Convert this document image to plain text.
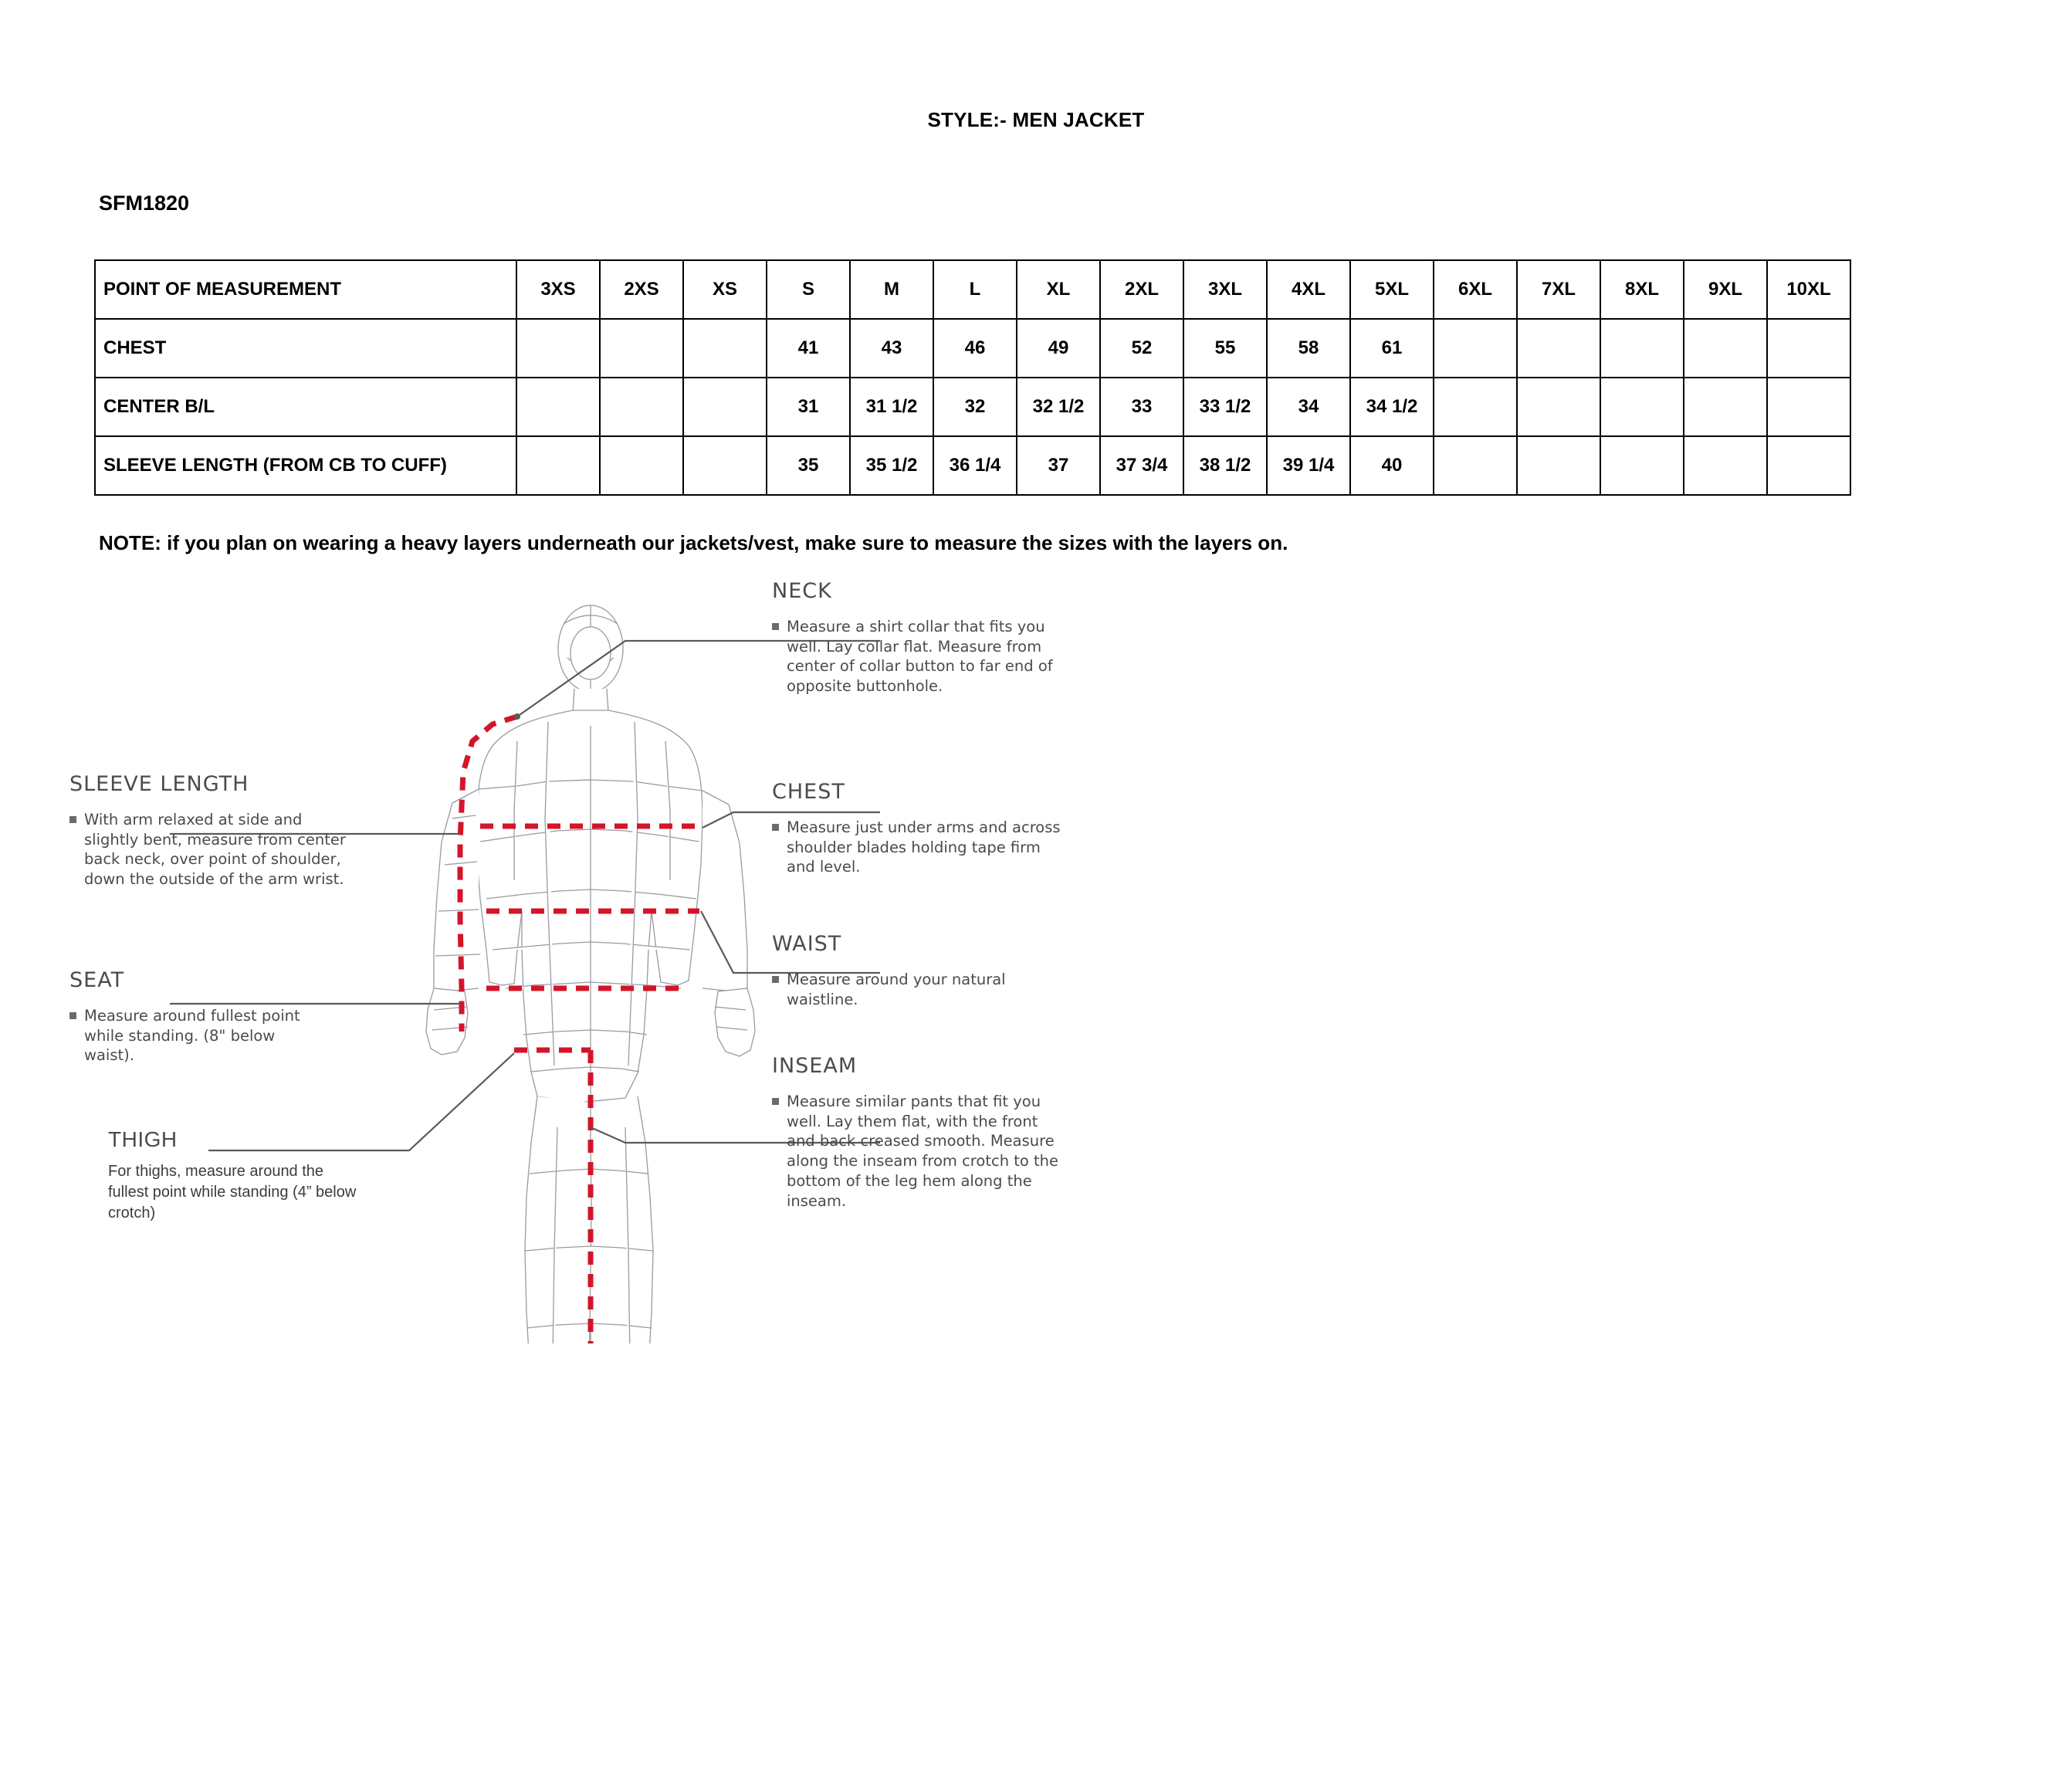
STYLE:- MEN JACKET
SFM1820
POINT OF MEASUREMENT	3XS	2XS	XS	S	M	L	XL	2XL	3XL	4XL	5XL	6XL	7XL	8XL	9XL	10XL
CHEST				41	43	46	49	52	55	58	61					
CENTER B/L				31	31 1/2	32	32 1/2	33	33 1/2	34	34 1/2					
SLEEVE LENGTH (FROM CB TO CUFF)				35	35 1/2	36 1/4	37	37 3/4	38 1/2	39 1/4	40					
NOTE: if you plan on wearing a heavy layers underneath our jackets/vest, make sure to measure the sizes with the layers on.
NECK
Measure a shirt collar that fits you well. Lay collar flat. Measure from center of collar button to far end of opposite buttonhole.
CHEST
Measure just under arms and across shoulder blades holding tape firm and level.
WAIST
Measure around your natural waistline.
INSEAM
Measure similar pants that fit you well. Lay them flat, with the front and back creased smooth. Measure along the inseam from crotch to the bottom of the leg hem along the inseam.
SLEEVE LENGTH
With arm relaxed at side and slightly bent, measure from center back neck, over point of shoulder, down the outside of the arm wrist.
SEAT
Measure around fullest point while standing. (8" below waist).
THIGH
For thighs, measure around the fullest point while standing (4” below crotch)
